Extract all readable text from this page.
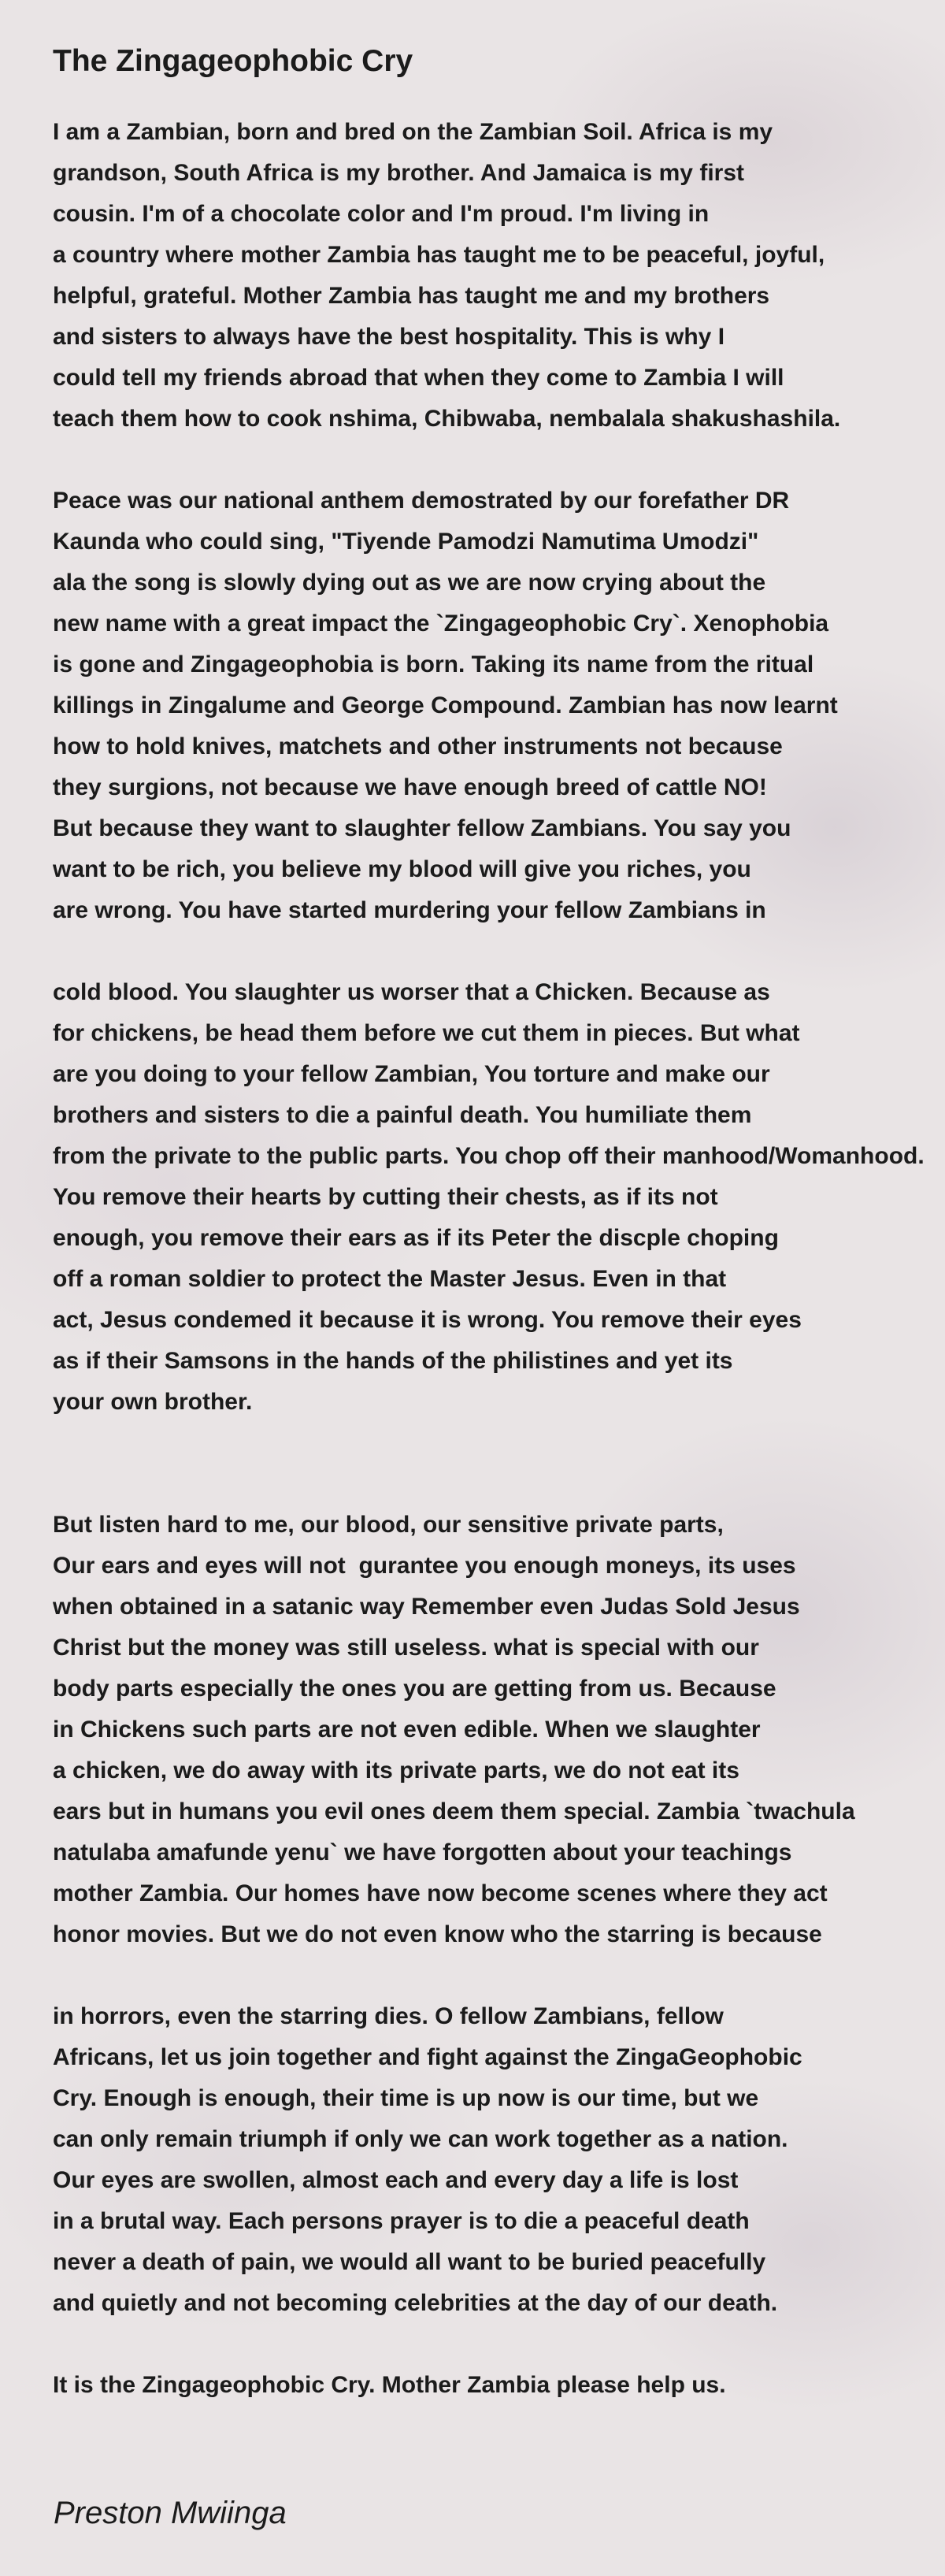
The Zingageophobic Cry
I am a Zambian, born and bred on the Zambian Soil. Africa is my
grandson, South Africa is my brother. And Jamaica is my first
cousin. I'm of a chocolate color and I'm proud. I'm living in
a country where mother Zambia has taught me to be peaceful, joyful,
helpful, grateful. Mother Zambia has taught me and my brothers
and sisters to always have the best hospitality. This is why I
could tell my friends abroad that when they come to Zambia I will
teach them how to cook nshima, Chibwaba, nembalala shakushashila.
Peace was our national anthem demostrated by our forefather DR
Kaunda who could sing, "Tiyende Pamodzi Namutima Umodzi"
ala the song is slowly dying out as we are now crying about the
new name with a great impact the `Zingageophobic Cry`. Xenophobia
is gone and Zingageophobia is born. Taking its name from the ritual
killings in Zingalume and George Compound. Zambian has now learnt
how to hold knives, matchets and other instruments not because
they surgions, not because we have enough breed of cattle NO!
But because they want to slaughter fellow Zambians. You say you
want to be rich, you believe my blood will give you riches, you
are wrong. You have started murdering your fellow Zambians in
cold blood. You slaughter us worser that a Chicken. Because as
for chickens, be head them before we cut them in pieces. But what
are you doing to your fellow Zambian, You torture and make our
brothers and sisters to die a painful death. You humiliate them
from the private to the public parts. You chop off their manhood/Womanhood.
You remove their hearts by cutting their chests, as if its not
enough, you remove their ears as if its Peter the discple choping
off a roman soldier to protect the Master Jesus. Even in that
act, Jesus condemed it because it is wrong. You remove their eyes
as if their Samsons in the hands of the philistines and yet its
your own brother.
But listen hard to me, our blood, our sensitive private parts,
Our ears and eyes will not  gurantee you enough moneys, its uses
when obtained in a satanic way Remember even Judas Sold Jesus
Christ but the money was still useless. what is special with our
body parts especially the ones you are getting from us. Because
in Chickens such parts are not even edible. When we slaughter
a chicken, we do away with its private parts, we do not eat its
ears but in humans you evil ones deem them special. Zambia `twachula
natulaba amafunde yenu` we have forgotten about your teachings
mother Zambia. Our homes have now become scenes where they act
honor movies. But we do not even know who the starring is because
in horrors, even the starring dies. O fellow Zambians, fellow
Africans, let us join together and fight against the ZingaGeophobic
Cry. Enough is enough, their time is up now is our time, but we
can only remain triumph if only we can work together as a nation.
Our eyes are swollen, almost each and every day a life is lost
in a brutal way. Each persons prayer is to die a peaceful death
never a death of pain, we would all want to be buried peacefully
and quietly and not becoming celebrities at the day of our death.
It is the Zingageophobic Cry. Mother Zambia please help us.
Preston Mwiinga
